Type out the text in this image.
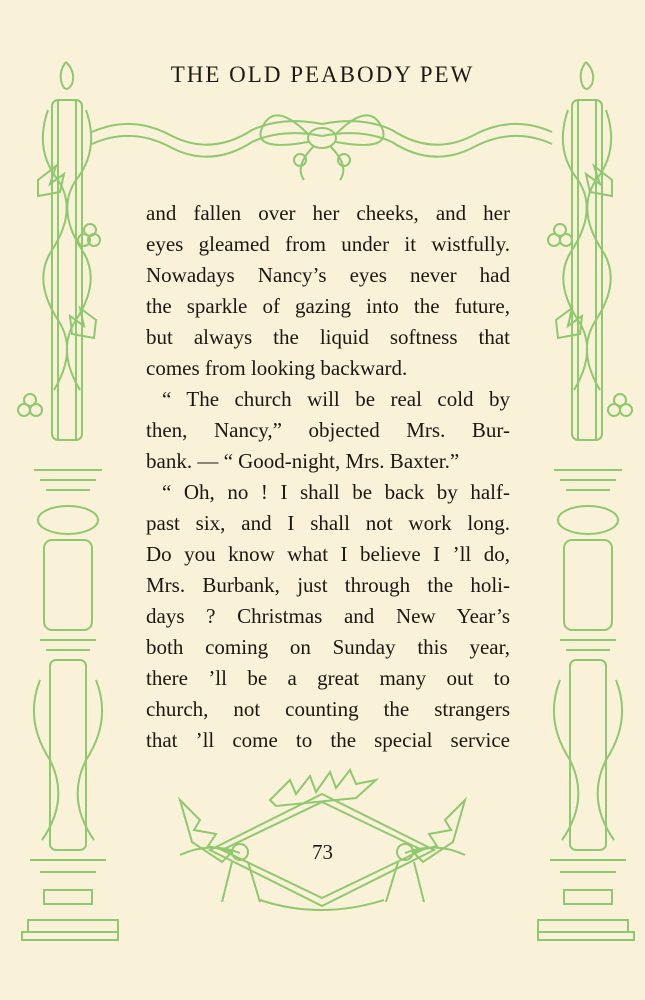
THE OLD PEABODY PEW
and fallen over her cheeks, and her
eyes gleamed from under it wistfully.
Nowadays Nancy’s eyes never had
the sparkle of gazing into the future,
but always the liquid softness that
comes from looking backward.
“ The church will be real cold by
then, Nancy,” objected Mrs. Bur-
bank. — “ Good-night, Mrs. Baxter.”
“ Oh, no ! I shall be back by half-
past six, and I shall not work long.
Do you know what I believe I ’ll do,
Mrs. Burbank, just through the holi-
days ? Christmas and New Year’s
both coming on Sunday this year,
there ’ll be a great many out to
church, not counting the strangers
that ’ll come to the special service
73
